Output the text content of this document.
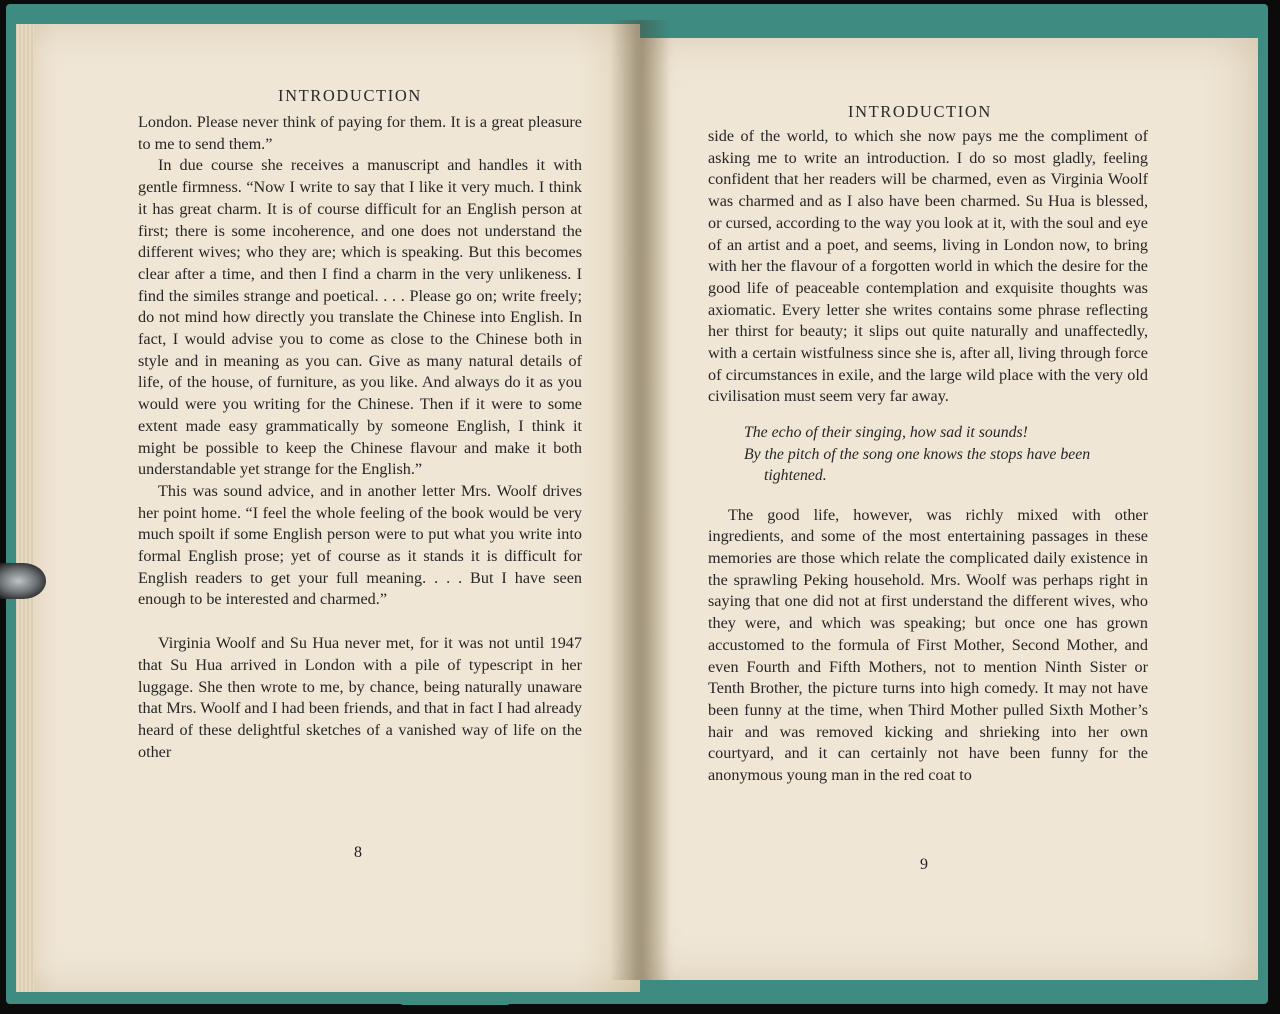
INTRODUCTION

London. Please never think of paying for them. It is a great pleasure to me to send them.”

In due course she receives a manuscript and handles it with gentle firmness. “Now I write to say that I like it very much. I think it has great charm. It is of course difficult for an English person at first; there is some incoherence, and one does not understand the different wives; who they are; which is speaking. But this becomes clear after a time, and then I find a charm in the very unlikeness. I find the similes strange and poetical. . . . Please go on; write freely; do not mind how directly you translate the Chinese into English. In fact, I would advise you to come as close to the Chinese both in style and in meaning as you can. Give as many natural details of life, of the house, of furniture, as you like. And always do it as you would were you writing for the Chinese. Then if it were to some extent made easy grammatically by someone English, I think it might be possible to keep the Chinese flavour and make it both understandable yet strange for the English.”

This was sound advice, and in another letter Mrs. Woolf drives her point home. “I feel the whole feeling of the book would be very much spoilt if some English person were to put what you write into formal English prose; yet of course as it stands it is difficult for English readers to get your full meaning. . . . But I have seen enough to be interested and charmed.”

Virginia Woolf and Su Hua never met, for it was not until 1947 that Su Hua arrived in London with a pile of typescript in her luggage. She then wrote to me, by chance, being naturally unaware that Mrs. Woolf and I had been friends, and that in fact I had already heard of these delightful sketches of a vanished way of life on the other

8
INTRODUCTION

side of the world, to which she now pays me the compliment of asking me to write an introduction. I do so most gladly, feeling confident that her readers will be charmed, even as Virginia Woolf was charmed and as I also have been charmed. Su Hua is blessed, or cursed, according to the way you look at it, with the soul and eye of an artist and a poet, and seems, living in London now, to bring with her the flavour of a forgotten world in which the desire for the good life of peaceable contemplation and exquisite thoughts was axiomatic. Every letter she writes contains some phrase reflecting her thirst for beauty; it slips out quite naturally and unaffectedly, with a certain wistfulness since she is, after all, living through force of circumstances in exile, and the large wild place with the very old civilisation must seem very far away.

The echo of their singing, how sad it sounds!
By the pitch of the song one knows the stops have been
tightened.

The good life, however, was richly mixed with other ingredients, and some of the most entertaining passages in these memories are those which relate the complicated daily existence in the sprawling Peking household. Mrs. Woolf was perhaps right in saying that one did not at first understand the different wives, who they were, and which was speaking; but once one has grown accustomed to the formula of First Mother, Second Mother, and even Fourth and Fifth Mothers, not to mention Ninth Sister or Tenth Brother, the picture turns into high comedy. It may not have been funny at the time, when Third Mother pulled Sixth Mother’s hair and was removed kicking and shrieking into her own courtyard, and it can certainly not have been funny for the anonymous young man in the red coat to

9
